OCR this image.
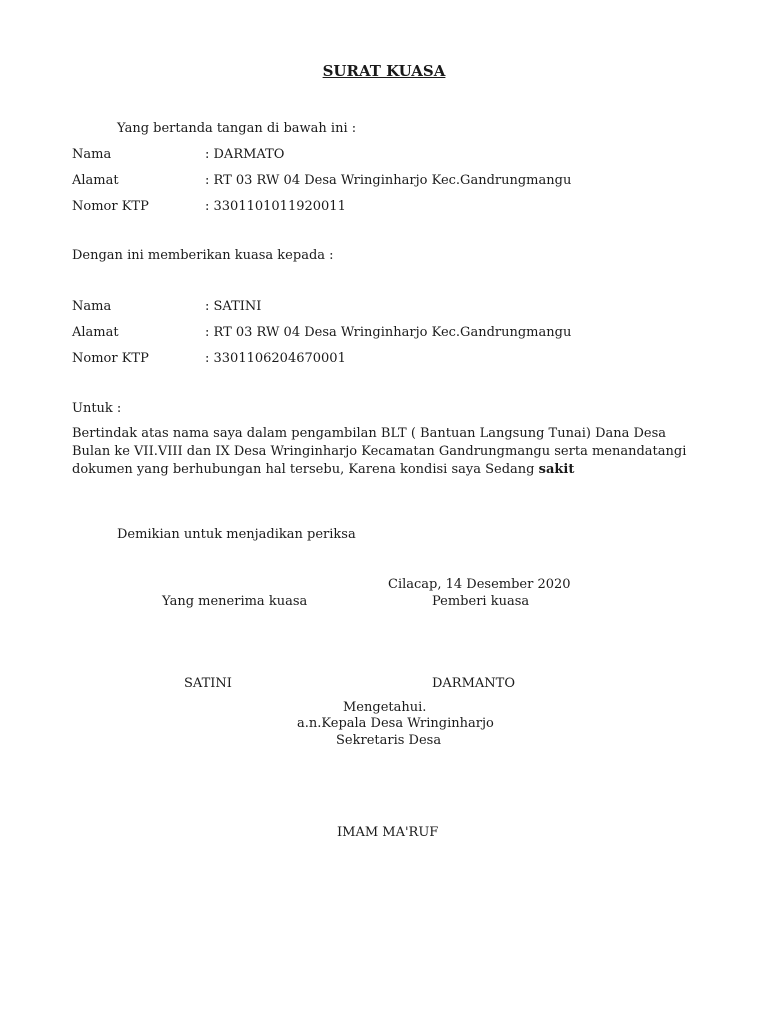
SURAT KUASA
Yang bertanda tangan di bawah ini :
Nama	: DARMATO
Alamat	: RT 03 RW 04 Desa Wringinharjo Kec.Gandrungmangu
Nomor KTP	: 3301101011920011
Dengan ini memberikan kuasa kepada :
Nama	: SATINI
Alamat	: RT 03 RW 04 Desa Wringinharjo Kec.Gandrungmangu
Nomor KTP	: 3301106204670001
Untuk :
Bertindak atas nama saya dalam pengambilan BLT ( Bantuan Langsung Tunai) Dana Desa Bulan ke VII.VIII dan IX Desa Wringinharjo Kecamatan Gandrungmangu serta menandatangi dokumen yang berhubungan hal tersebu, Karena kondisi saya Sedang sakit
Demikian untuk menjadikan periksa
Cilacap, 14 Desember 2020
Yang menerima kuasa	Pemberi kuasa
SATINI	DARMANTO
Mengetahui.
a.n.Kepala Desa Wringinharjo
Sekretaris Desa
IMAM MA'RUF
